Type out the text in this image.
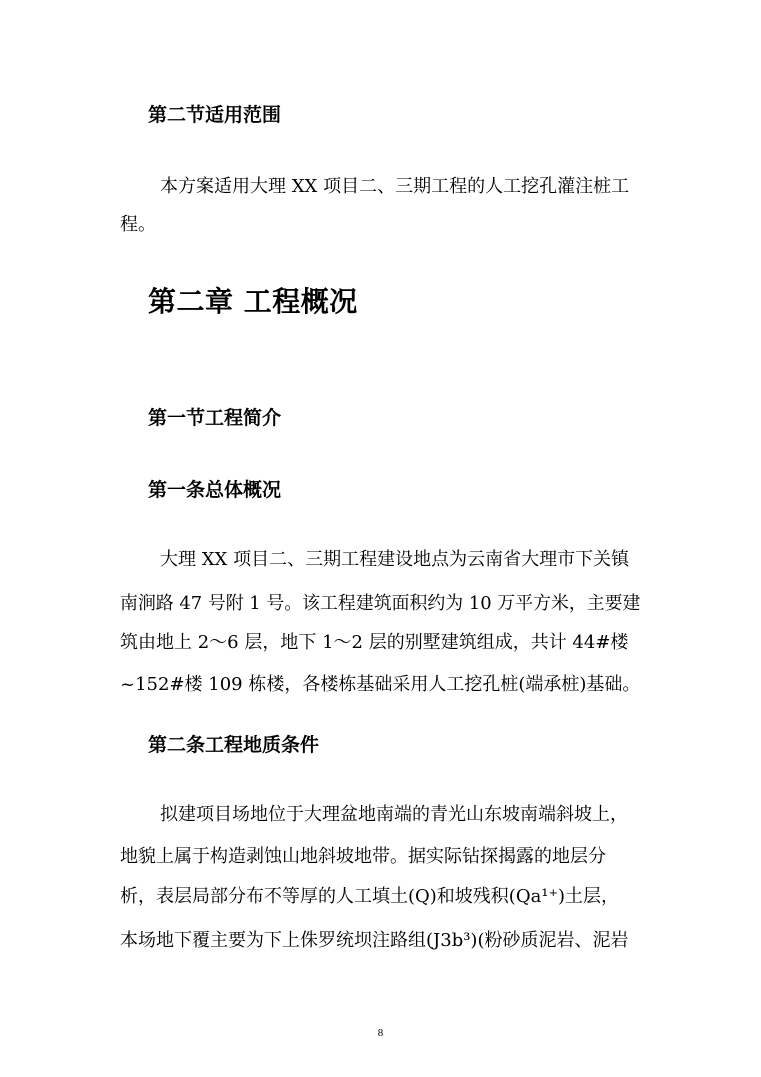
第二节适用范围
本方案适用大理 XX 项目二、三期工程的人工挖孔灌注桩工
程。
第二章 工程概况
第一节工程简介
第一条总体概况
大理 XX 项目二、三期工程建设地点为云南省大理市下关镇
南涧路 47 号附 1 号。该工程建筑面积约为 10 万平方米，主要建
筑由地上 2～6 层，地下 1～2 层的别墅建筑组成，共计 44#楼
~152#楼 109 栋楼，各楼栋基础采用人工挖孔桩(端承桩)基础。
第二条工程地质条件
拟建项目场地位于大理盆地南端的青光山东坡南端斜坡上，
地貌上属于构造剥蚀山地斜坡地带。据实际钻探揭露的地层分
析，表层局部分布不等厚的人工填土(Q)和坡残积(Qa¹⁺)土层，
本场地下覆主要为下上侏罗统坝注路组(J3b³)(粉砂质泥岩、泥岩
8
